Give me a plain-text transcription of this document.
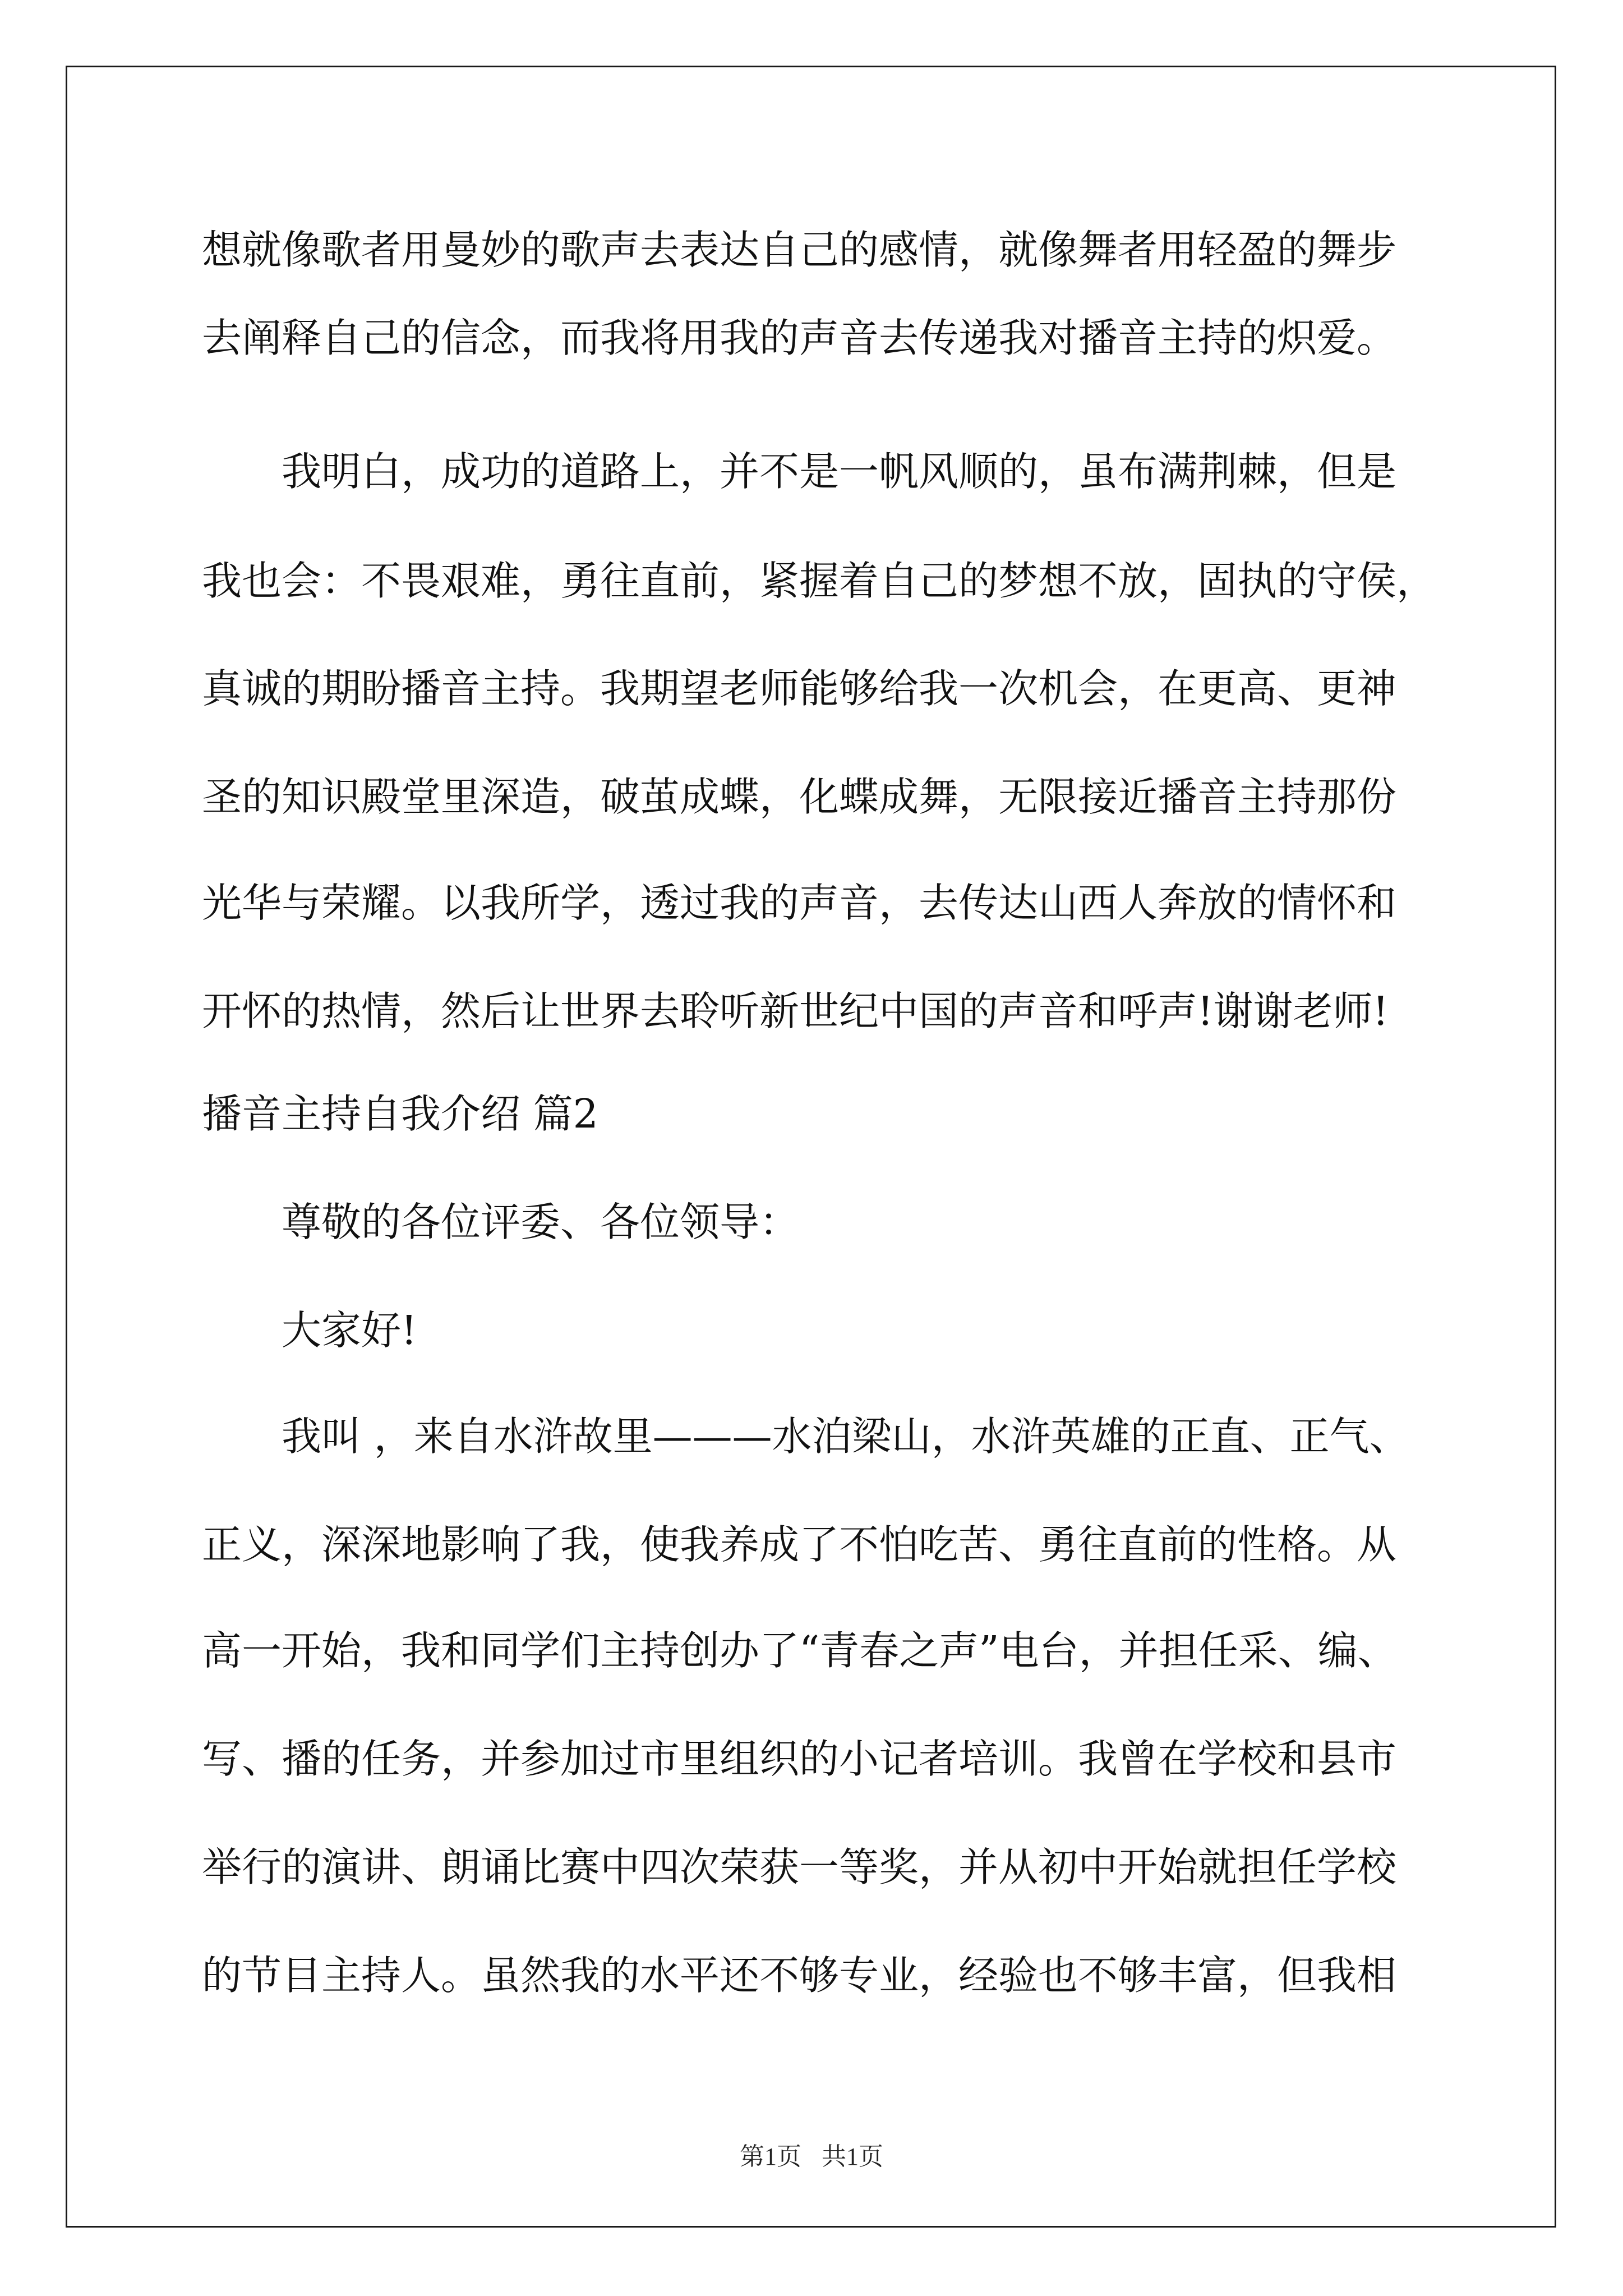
想就像歌者用曼妙的歌声去表达自己的感情，就像舞者用轻盈的舞步
去阐释自己的信念，而我将用我的声音去传递我对播音主持的炽爱。
我明白，成功的道路上，并不是一帆风顺的，虽布满荆棘，但是
我也会：不畏艰难，勇往直前，紧握着自己的梦想不放，固执的守侯，
真诚的期盼播音主持。我期望老师能够给我一次机会，在更高、更神
圣的知识殿堂里深造，破茧成蝶，化蝶成舞，无限接近播音主持那份
光华与荣耀。以我所学，透过我的声音，去传达山西人奔放的情怀和
开怀的热情，然后让世界去聆听新世纪中国的声音和呼声!谢谢老师!
播音主持自我介绍 篇2
尊敬的各位评委、各位领导：
大家好!
我叫 ，来自水浒故里———水泊梁山，水浒英雄的正直、正气、
正义，深深地影响了我，使我养成了不怕吃苦、勇往直前的性格。从
高一开始，我和同学们主持创办了“青春之声”电台，并担任采、编、
写、播的任务，并参加过市里组织的小记者培训。我曾在学校和县市
举行的演讲、朗诵比赛中四次荣获一等奖，并从初中开始就担任学校
的节目主持人。虽然我的水平还不够专业，经验也不够丰富，但我相
第1页 共1页
